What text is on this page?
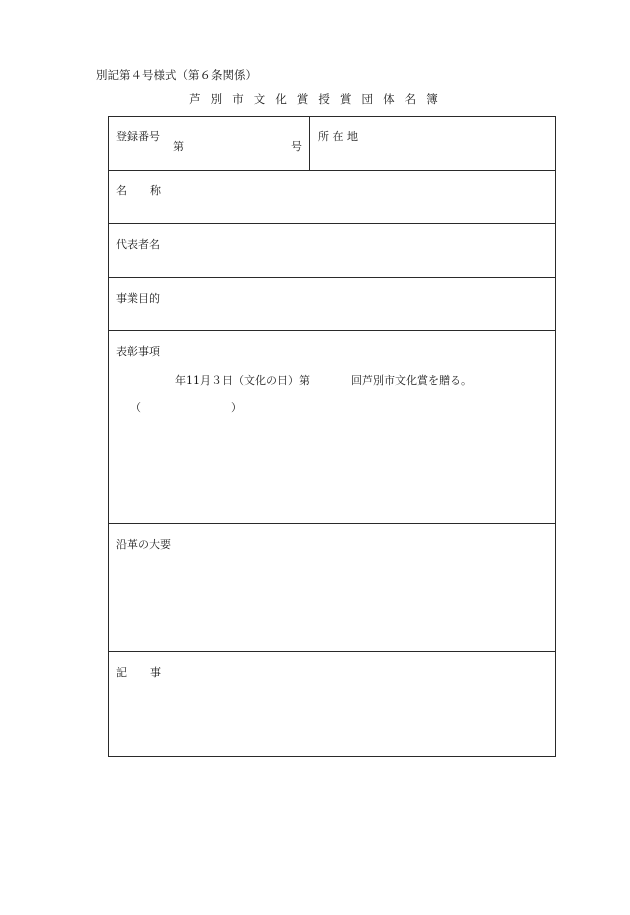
別記第４号様式（第６条関係）
芦 別 市 文 化 賞 授 賞 団 体 名 簿
登録番号
第	号
所 在 地
名 称
代表者名
事業目的
表彰事項
年11月３日（文化の日）第	回芦別市文化賞を贈る。
（	）
沿革の大要
記 事
